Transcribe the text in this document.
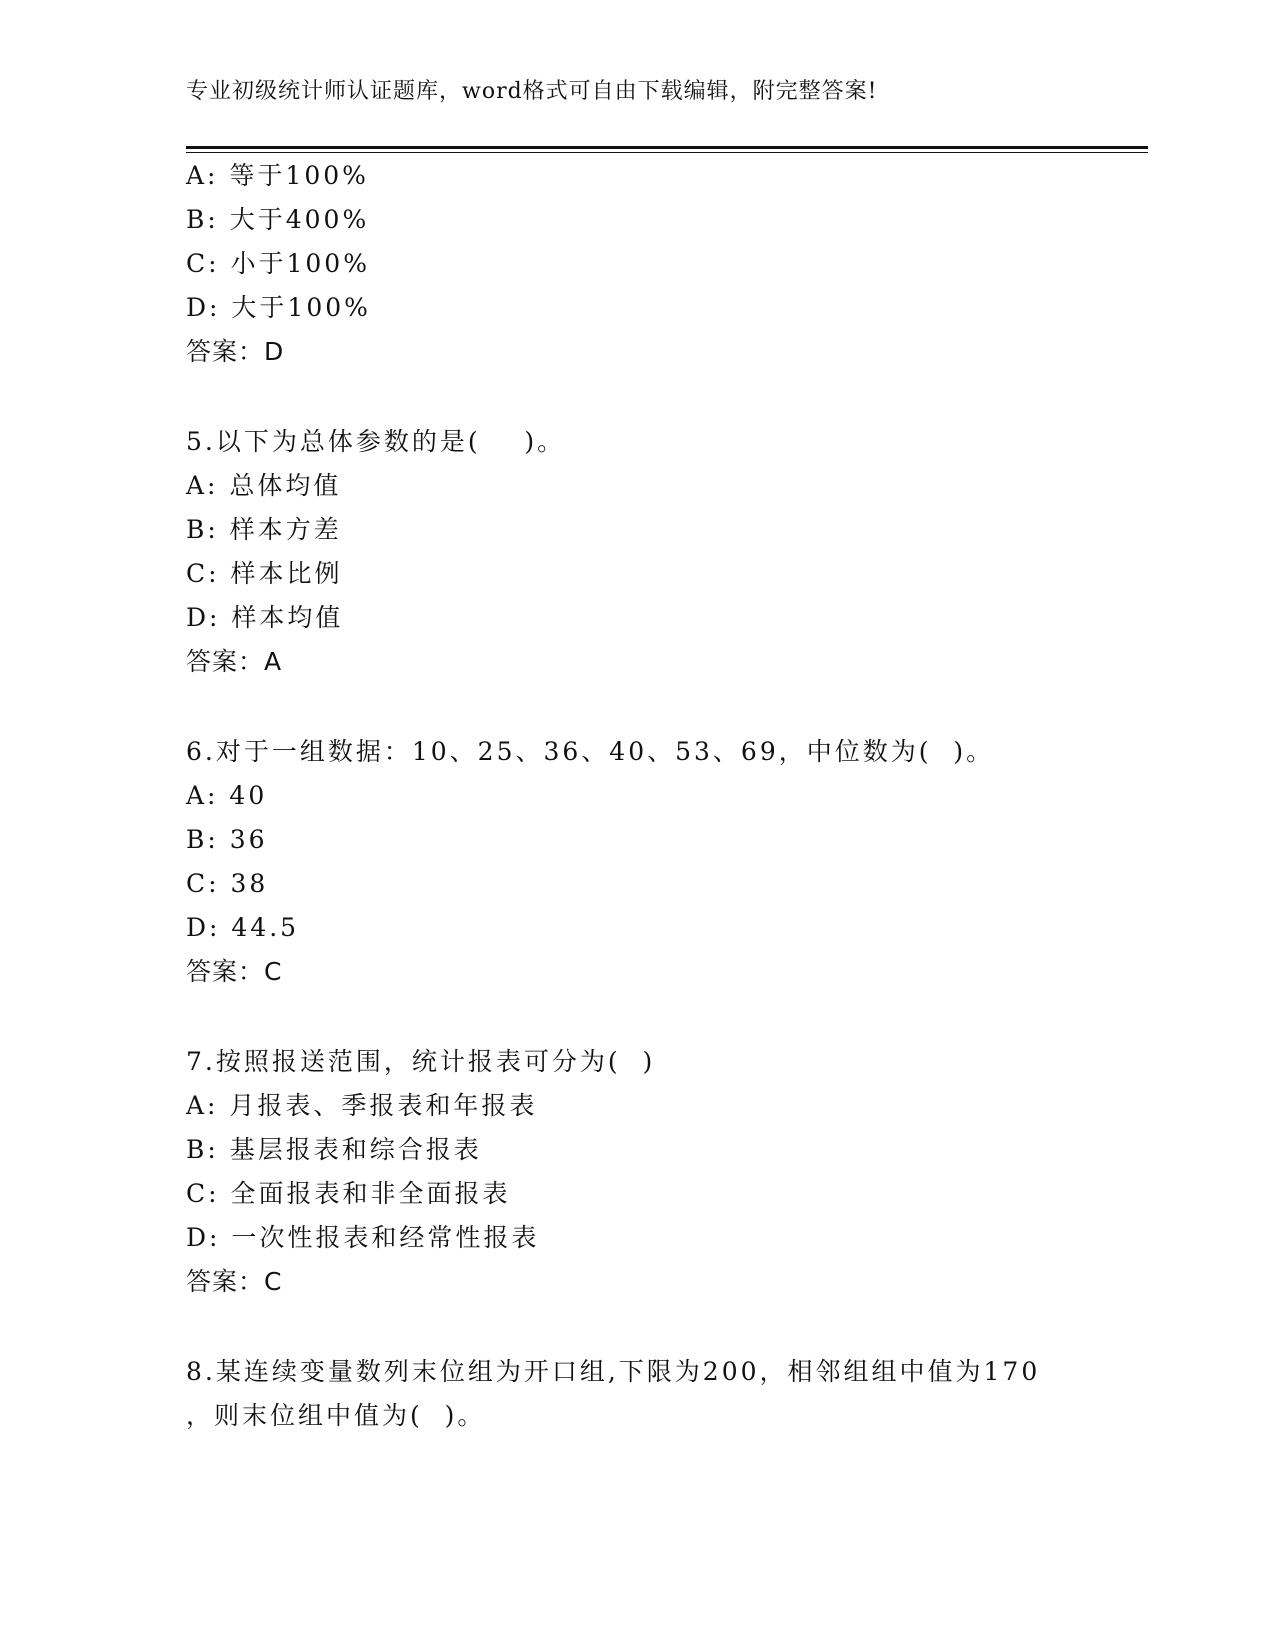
专业初级统计师认证题库，word格式可自由下载编辑，附完整答案!
A: 等于100%
B: 大于400%
C: 小于100%
D: 大于100%
答案：D
5.以下为总体参数的是(    )。
A: 总体均值
B: 样本方差
C: 样本比例
D: 样本均值
答案：A
6.对于一组数据：10、25、36、40、53、69，中位数为(  )。
A: 40
B: 36
C: 38
D: 44.5
答案：C
7.按照报送范围，统计报表可分为(  )
A: 月报表、季报表和年报表
B: 基层报表和综合报表
C: 全面报表和非全面报表
D: 一次性报表和经常性报表
答案：C
8.某连续变量数列末位组为开口组,下限为200，相邻组组中值为170
，则末位组中值为(  )。
